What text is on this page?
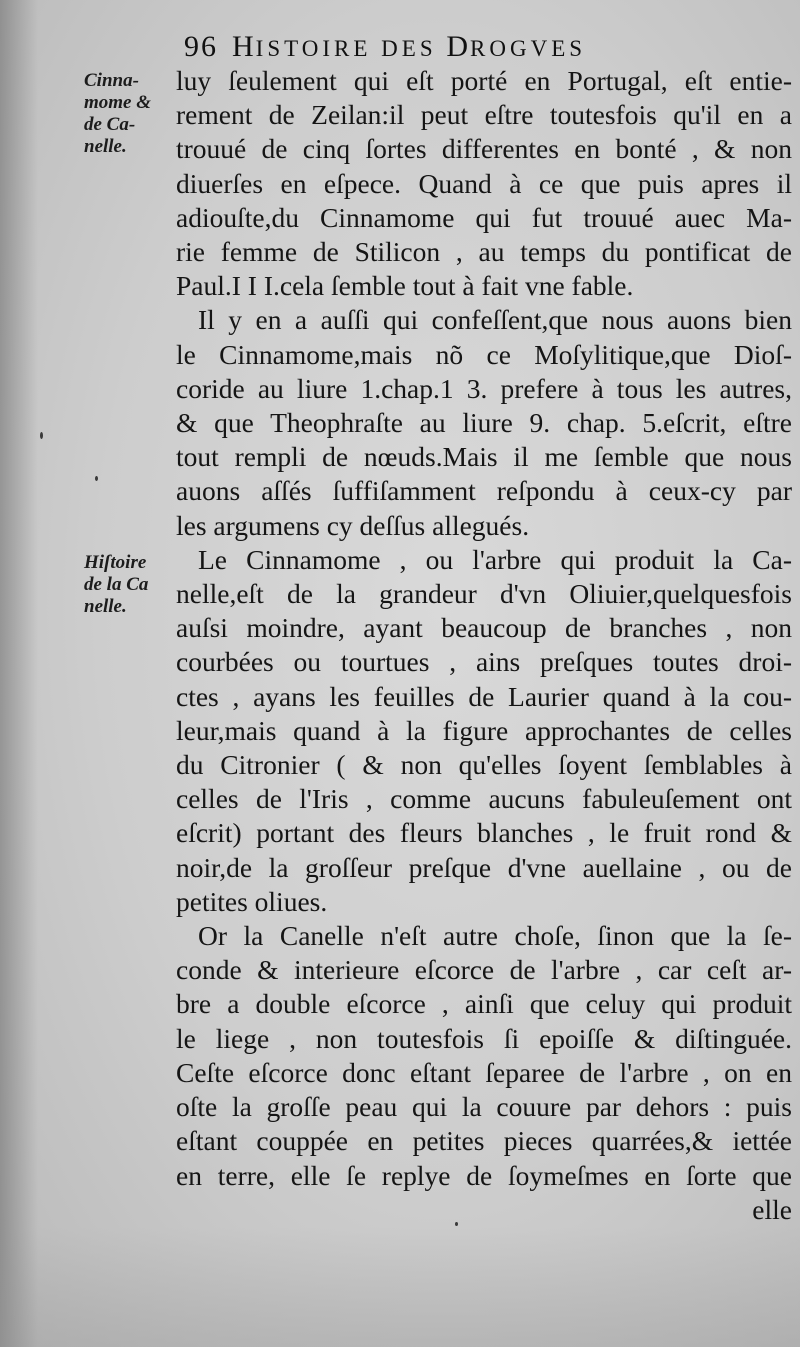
96 HISTOIRE DES DROGVES
Cinna-
mome &
de Ca-
nelle.
Hiſtoire
de la Ca
nelle.
luy ſeulement qui eſt porté en Portugal, eſt entie-
rement de Zeilan:il peut eſtre toutesfois qu'il en a
trouué de cinq ſortes differentes en bonté , & non
diuerſes en eſpece. Quand à ce que puis apres il
adiouſte,du Cinnamome qui fut trouué auec Ma-
rie femme de Stilicon , au temps du pontificat de
Paul.I I I.cela ſemble tout à fait vne fable.
Il y en a auſſi qui confeſſent,que nous auons bien
le Cinnamome,mais nõ ce Moſylitique,que Dioſ-
coride au liure 1.chap.1 3. prefere à tous les autres,
& que Theophraſte au liure 9. chap. 5.eſcrit, eſtre
tout rempli de nœuds.Mais il me ſemble que nous
auons aſſés ſuffiſamment reſpondu à ceux-cy par
les argumens cy deſſus allegués.
Le Cinnamome , ou l'arbre qui produit la Ca-
nelle,eſt de la grandeur d'vn Oliuier,quelquesfois
auſsi moindre, ayant beaucoup de branches , non
courbées ou tourtues , ains preſques toutes droi-
ctes , ayans les feuilles de Laurier quand à la cou-
leur,mais quand à la figure approchantes de celles
du Citronier ( & non qu'elles ſoyent ſemblables à
celles de l'Iris , comme aucuns fabuleuſement ont
eſcrit) portant des fleurs blanches , le fruit rond &
noir,de la groſſeur preſque d'vne auellaine , ou de
petites oliues.
Or la Canelle n'eſt autre choſe, ſinon que la ſe-
conde & interieure eſcorce de l'arbre , car ceſt ar-
bre a double eſcorce , ainſi que celuy qui produit
le liege , non toutesfois ſi epoiſſe & diſtinguée.
Ceſte eſcorce donc eſtant ſeparee de l'arbre , on en
oſte la groſſe peau qui la couure par dehors : puis
eſtant couppée en petites pieces quarrées,& iettée
en terre, elle ſe replye de ſoymeſmes en ſorte que
elle
